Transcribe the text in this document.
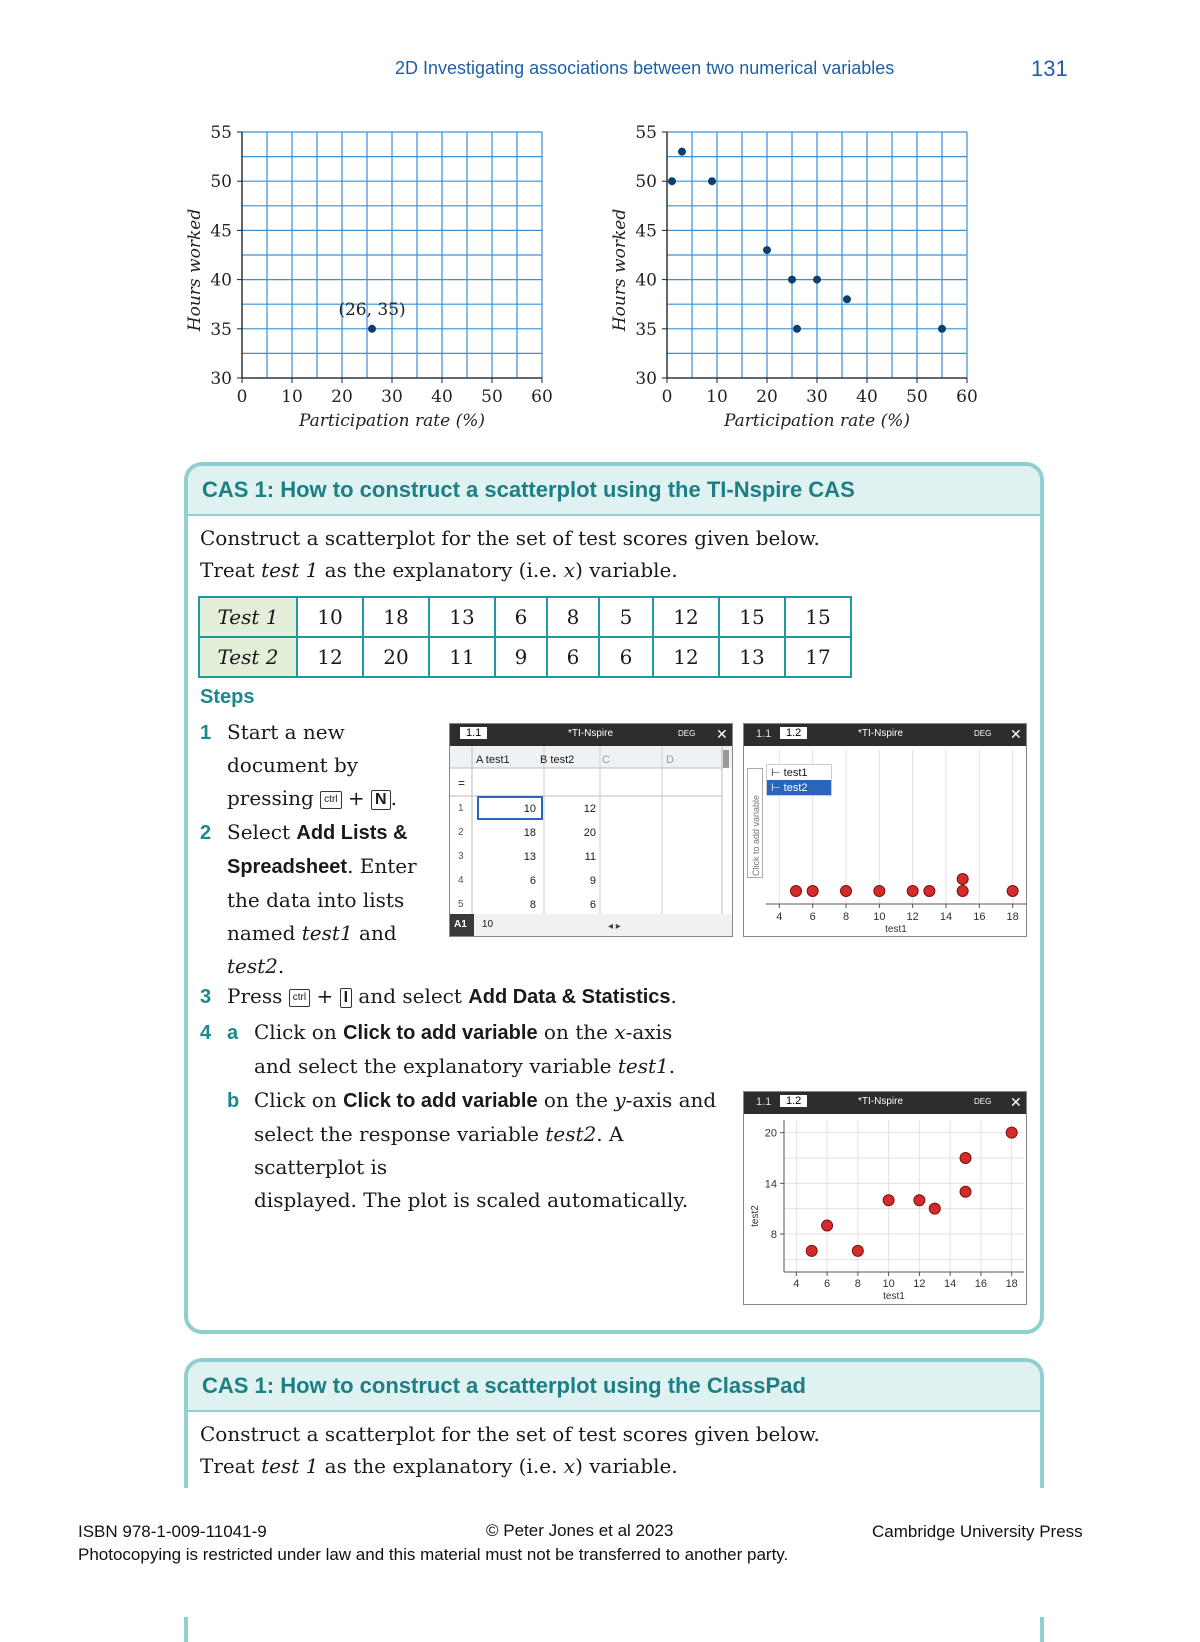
2D Investigating associations between two numerical variables	131
30
35
40
45
50
55
0 10 20 30 40 50 60
Participation rate (%)
Hours worked	(26, 35)
30
35
40
45
50
55
0 10 20 30 40 50 60
Participation rate (%)
Hours worked
CAS 1: How to construct a scatterplot using the TI-Nspire CAS
Construct a scatterplot for the set of test scores given below.
Treat test 1 as the explanatory (i.e. x) variable.
Test 1	10	18	13	6	8	5	12	15	15
Test 2	12	20	11	9	6	6	12	13	17
Steps
1 Start a new
document by
pressing ctrl + N .
2 Select Add Lists &
Spreadsheet. Enter
the data into lists
named test1 and
test2.
3 Press ctrl + I and select Add Data & Statistics.
4 a Click on Click to add variable on the x-axis
and select the explanatory variable test1.
b Click on Click to add variable on the y-axis and
select the response variable test2. A scatterplot is
displayed. The plot is scaled automatically.
1.1	*TI-Nspire	DEG ✕
◂ ▸
A test1	B test2	C	D
=
1	10	12
2	18	20
3	13	11
4	6	9
5	8	6
A1 10
1.1	1.2	*TI-Nspire	DEG ✕
4 6 8 10 12 14 16 18
test1
Click to add variable
⊢ test1
⊢ test2
1.1	1.2	*TI-Nspire	DEG ✕
4 6 8 10 12 14 16 18
20
14
8
test1
test2
CAS 1: How to construct a scatterplot using the ClassPad
Construct a scatterplot for the set of test scores given below.
Treat test 1 as the explanatory (i.e. x) variable.
ISBN 978-1-009-11041-9	© Peter Jones et al 2023	Cambridge University Press
Photocopying is restricted under law and this material must not be transferred to another party.
